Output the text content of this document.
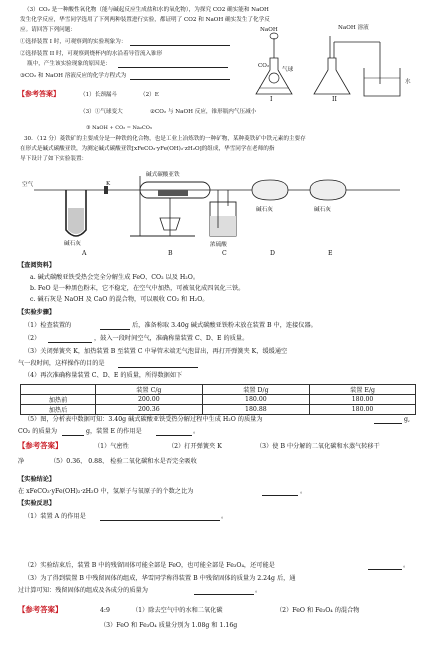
（3）CO₂ 是一种酸性氧化物（能与碱起反应生成盐和水的氧化物），为探究 CO2 确实能和 NaOH
发生化学反应，华雪同学选用了下列两种装置进行实验，都证明了 CO2 和 NaOH 确实发生了化学反
应。请回答下列问题：
①选择装置 I 时，可观察到的实验现象为：
②选择装置 II 时，可观察到烧杯内的水沿着导管流入锥形
瓶中，产生该实验现象的原因是：
③CO₂ 和 NaOH 溶液反应的化学方程式为
NaOH	NaOH 溶液
CO₂
气球
水
I	II
【参考答案】	（1）长颈漏斗	（2）E
（3）①气球变大	②CO₂ 与 NaOH 反应，锥形瓶内气压减小
③ NaOH + CO₂ = Na₂CO₃
30．（12 分）菱铁矿的主要成分是一种铁的化合物，也是工业上冶炼铁的一种矿物，某种菱铁矿中铁元素的主要存
在形式是碱式碳酸亚铁，为测定碱式碳酸亚铁[xFeCO₃·yFe(OH)₂·zH₂O]的组成，华雪同学在老师的指
导下设计了如下实验装置：
碱式碳酸亚铁
K
空气
碱石灰
碱石灰	碱石灰
浓硫酸
A	B	C	D	E
【查阅资料】
a. 碱式碳酸亚铁受热会完全分解生成 FeO、CO₂ 以及 H₂O。
b. FeO 是一种黑色粉末，它不稳定，在空气中加热，可被氧化成四氧化三铁。
c. 碱石灰是 NaOH 及 CaO 的混合物，可以吸收 CO₂ 和 H₂O。
【实验步骤】
（1）检查装置的	后，准备称取 3.40g 碱式碳酸亚铁粉末放在装置 B 中，连接仪器。
（2）	，鼓入一段时间空气，准确称量装置 C、D、E 的质量。
（3）关闭弹簧夹 K，加热装置 B 至装置 C 中导管末端无气泡冒出，再打开弹簧夹 K，缓缓通空
气一段时间，这样操作的目的是
（4）再次准确称量装置 C、D、E 的质量，所得数据如下
	装置 C/g	装置 D/g	装置 E/g
加热前	200.00	180.00	180.00
加热后	200.36	180.88	180.00
（5）图，分析表中数据可知：3.40g 碱式碳酸亚铁受热分解过程中生成 H₂O 的质量为	g,
CO₂ 的质量为	g，装置 E 的作用是	。
【参考答案】	（1）气密性	（2）打开弹簧夹 K	（3）使 B 中分解的二氧化碳和水蒸气转移干
净	（5）0.36、 0.88、 检验二氧化碳和水是否完全吸收
【实验结论】
在 xFeCO₃·yFe(OH)₂·zH₂O 中，氢原子与氧原子的个数之比为	。
【实验反思】
（1）装置 A 的作用是	。
（2）实验结束后，装置 B 中的残留固体可能全部是 FeO，也可能全部是 Fe₃O₄，还可能是	。
（3）为了得到装置 B 中残留固体的组成，华雪同学称得装置 B 中残留固体的质量为 2.24g 后，通
过计算可知：残留固体的组成及各成分的质量为	。
【参考答案】	4:9	（1）除去空气中的水和二氧化碳	（2）FeO 和 Fe₃O₄ 的混合物
（3）FeO 和 Fe₃O₄ 质量分别为 1.08g 和 1.16g
